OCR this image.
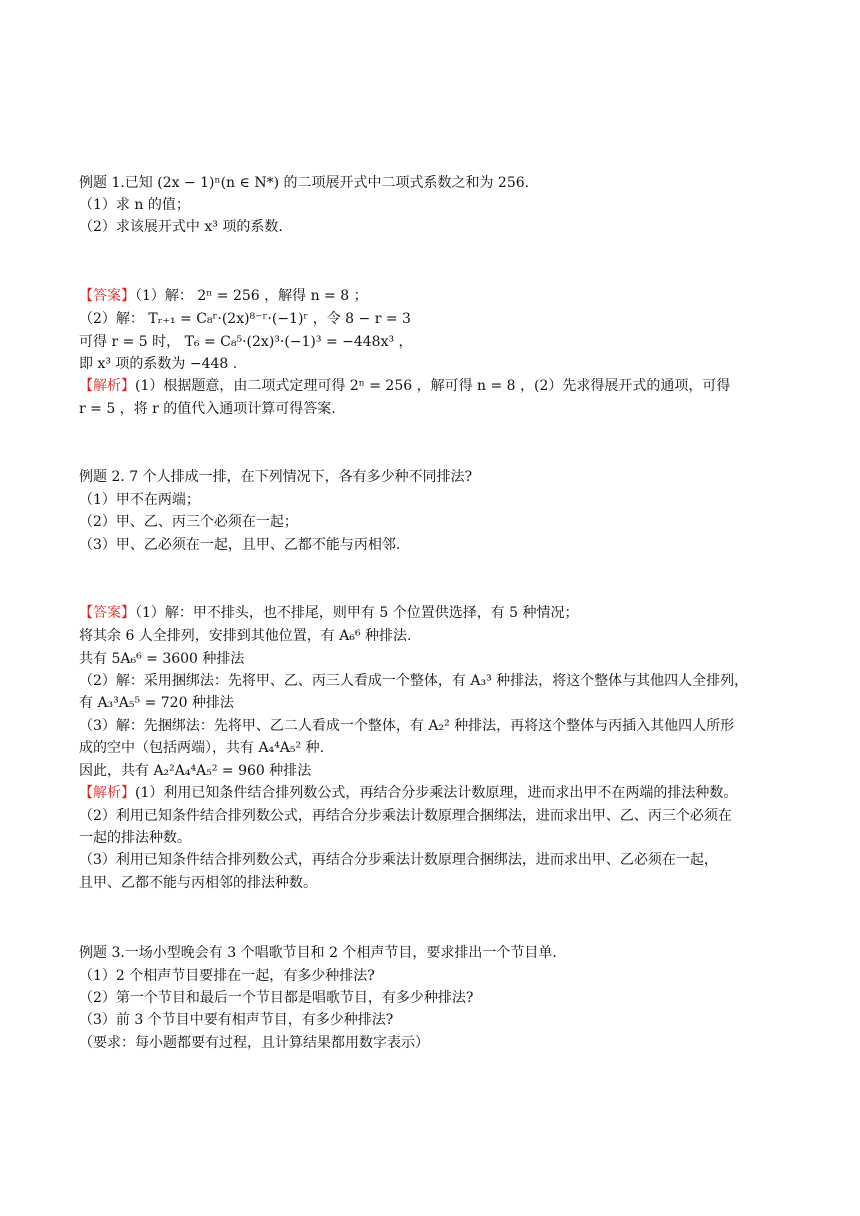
例题 1.已知 (2x − 1)ⁿ(n ∈ N*) 的二项展开式中二项式系数之和为 256.
（1）求 n 的值；
（2）求该展开式中 x³ 项的系数.
【答案】（1）解： 2ⁿ = 256 ，解得 n = 8 ；
（2）解： Tᵣ₊₁ = C₈ʳ·(2x)⁸⁻ʳ·(−1)ʳ ，令 8 − r = 3
可得 r = 5 时， T₆ = C₈⁵·(2x)³·(−1)³ = −448x³ ，
即 x³ 项的系数为 −448 .
【解析】(1）根据题意，由二项式定理可得 2ⁿ = 256 ，解可得 n = 8 ，(2）先求得展开式的通项，可得
r = 5 ，将 r 的值代入通项计算可得答案.
例题 2. 7 个人排成一排，在下列情况下，各有多少种不同排法?
（1）甲不在两端；
（2）甲、乙、丙三个必须在一起；
（3）甲、乙必须在一起，且甲、乙都不能与丙相邻.
【答案】（1）解：甲不排头，也不排尾，则甲有 5 个位置供选择，有 5 种情况；
将其余 6 人全排列，安排到其他位置，有 A₆⁶ 种排法.
共有 5A₆⁶ = 3600 种排法
（2）解：采用捆绑法：先将甲、乙、丙三人看成一个整体，有 A₃³ 种排法，将这个整体与其他四人全排列，
有 A₃³A₅⁵ = 720 种排法
（3）解：先捆绑法：先将甲、乙二人看成一个整体，有 A₂² 种排法，再将这个整体与丙插入其他四人所形
成的空中（包括两端），共有 A₄⁴A₅² 种.
因此，共有 A₂²A₄⁴A₅² = 960 种排法
【解析】(1）利用已知条件结合排列数公式，再结合分步乘法计数原理，进而求出甲不在两端的排法种数。
（2）利用已知条件结合排列数公式，再结合分步乘法计数原理合捆绑法，进而求出甲、乙、丙三个必须在
一起的排法种数。
（3）利用已知条件结合排列数公式，再结合分步乘法计数原理合捆绑法，进而求出甲、乙必须在一起，
且甲、乙都不能与丙相邻的排法种数。
例题 3.一场小型晚会有 3 个唱歌节目和 2 个相声节目，要求排出一个节目单.
（1）2 个相声节目要排在一起，有多少种排法?
（2）第一个节目和最后一个节目都是唱歌节目，有多少种排法?
（3）前 3 个节目中要有相声节目，有多少种排法?
（要求：每小题都要有过程，且计算结果都用数字表示）
